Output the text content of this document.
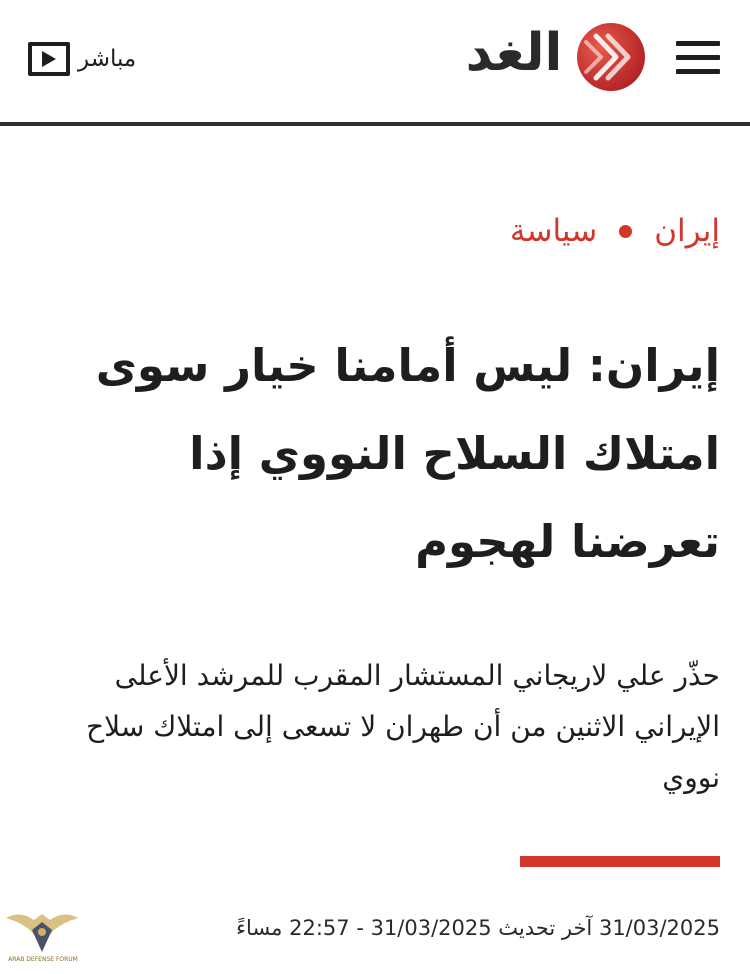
الغد
مباشر
سياسة إيران
إيران: ليس أمامنا خيار سوى امتلاك السلاح النووي إذا تعرضنا لهجوم

حذّر علي لاريجاني المستشار المقرب للمرشد الأعلى الإيراني الاثنين من أن طهران لا تسعى إلى امتلاك سلاح نووي

31/03/2025 آخر تحديث 31/03/2025 - 22:57 مساءً
ARAB DEFENSE FORUM
